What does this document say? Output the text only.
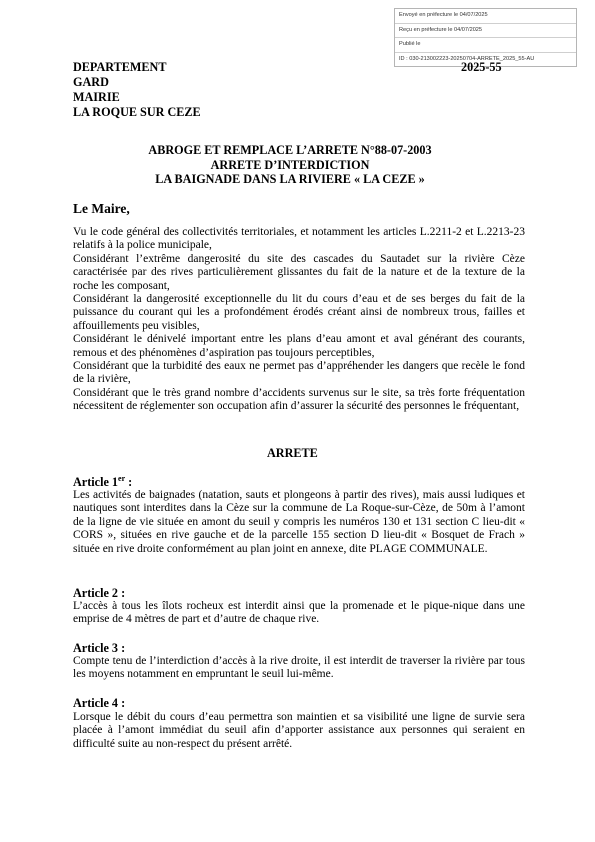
Envoyé en préfecture le 04/07/2025
Reçu en préfecture le 04/07/2025
Publié le
ID : 030-213002223-20250704-ARRETE_2025_55-AU
DEPARTEMENT
GARD
MAIRIE
LA ROQUE SUR CEZE
2025-55
ABROGE ET REMPLACE L’ARRETE N°88-07-2003
ARRETE D’INTERDICTION
LA BAIGNADE DANS LA RIVIERE « LA CEZE »
Le Maire,

Vu le code général des collectivités territoriales, et notamment les articles L.2211-2 et L.2213-23 relatifs à la police municipale,

Considérant l’extrême dangerosité du site des cascades du Sautadet sur la rivière Cèze caractérisée par des rives particulièrement glissantes du fait de la nature et de la texture de la roche les composant,

Considérant la dangerosité exceptionnelle du lit du cours d’eau et de ses berges du fait de la puissance du courant qui les a profondément érodés créant ainsi de nombreux trous, failles et affouillements peu visibles,

Considérant le dénivelé important entre les plans d’eau amont et aval générant des courants, remous et des phénomènes d’aspiration pas toujours perceptibles,

Considérant que la turbidité des eaux ne permet pas d’appréhender les dangers que recèle le fond de la rivière,

Considérant que le très grand nombre d’accidents survenus sur le site, sa très forte fréquentation nécessitent de réglementer son occupation afin d’assurer la sécurité des personnes le fréquentant,

ARRETE
Article 1er :
Les activités de baignades (natation, sauts et plongeons à partir des rives), mais aussi ludiques et nautiques sont interdites dans la Cèze sur la commune de La Roque-sur-Cèze, de 50m à l’amont de la ligne de vie située en amont du seuil y compris les numéros 130 et 131 section C lieu-dit « CORS », situées en rive gauche et de la parcelle 155 section D lieu-dit « Bosquet de Frach » située en rive droite conformément au plan joint en annexe, dite PLAGE COMMUNALE.
Article 2 :
L’accès à tous les îlots rocheux est interdit ainsi que la promenade et le pique-nique dans une emprise de 4 mètres de part et d’autre de chaque rive.
Article 3 :
Compte tenu de l’interdiction d’accès à la rive droite, il est interdit de traverser la rivière par tous les moyens notamment en empruntant le seuil lui-même.
Article 4 :
Lorsque le débit du cours d’eau permettra son maintien et sa visibilité une ligne de survie sera placée à l’amont immédiat du seuil afin d’apporter assistance aux personnes qui seraient en difficulté suite au non-respect du présent arrêté.
